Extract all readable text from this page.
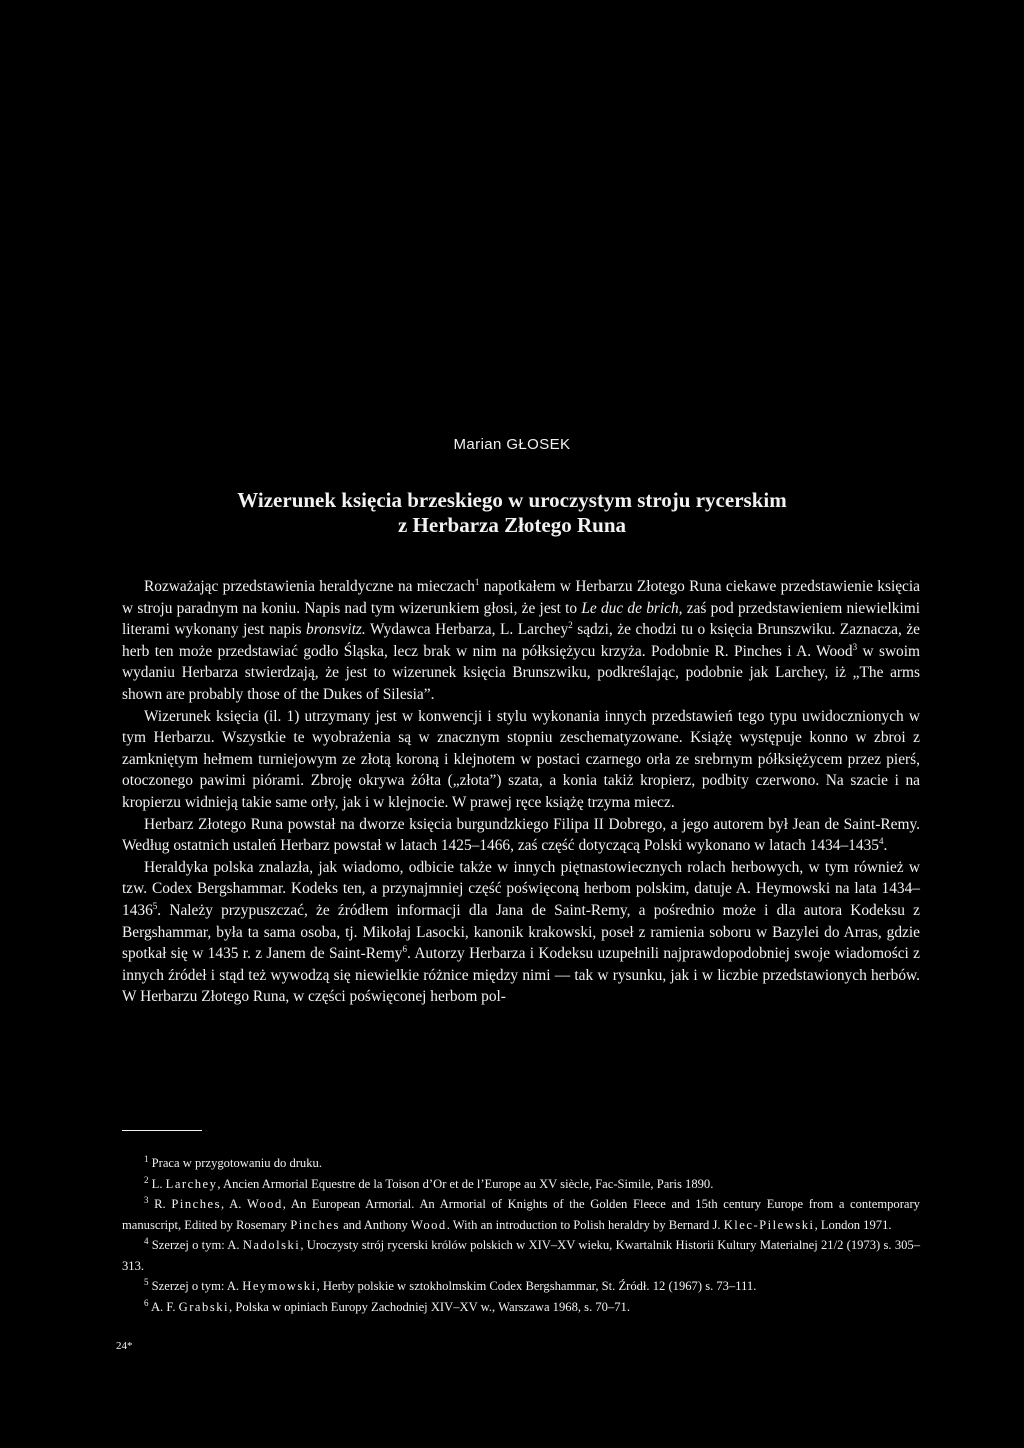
Marian GŁOSEK
Wizerunek księcia brzeskiego w uroczystym stroju rycerskim
z Herbarza Złotego Runa

Rozważając przedstawienia heraldyczne na mieczach$^1$ napotkałem w Herbarzu Złotego Runa ciekawe przedstawienie księcia w stroju paradnym na koniu. Napis nad tym wizerunkiem głosi, że jest to Le duc de brich, zaś pod przedstawieniem niewielkimi literami wykonany jest napis bronsvitz. Wydawca Herbarza, L. Larchey$^2$ sądzi, że chodzi tu o księcia Brunszwiku. Zaznacza, że herb ten może przedstawiać godło Śląska, lecz brak w nim na półksiężycu krzyża. Podobnie R. Pinches i A. Wood$^3$ w swoim wydaniu Herbarza stwierdzają, że jest to wizerunek księcia Brunszwiku, podkreślając, podobnie jak Larchey, iż „The arms shown are probably those of the Dukes of Silesia”.

Wizerunek księcia (il. 1) utrzymany jest w konwencji i stylu wykonania innych przedstawień tego typu uwidocznionych w tym Herbarzu. Wszystkie te wyobrażenia są w znacznym stopniu zeschematyzowane. Książę występuje konno w zbroi z zamkniętym hełmem turniejowym ze złotą koroną i klejnotem w postaci czarnego orła ze srebrnym półksiężycem przez pierś, otoczonego pawimi piórami. Zbroję okrywa żółta („złota”) szata, a konia takiż kropierz, podbity czerwono. Na szacie i na kropierzu widnieją takie same orły, jak i w klejnocie. W prawej ręce książę trzyma miecz.

Herbarz Złotego Runa powstał na dworze księcia burgundzkiego Filipa II Dobrego, a jego autorem był Jean de Saint-Remy. Według ostatnich ustaleń Herbarz powstał w latach 1425–1466, zaś część dotyczącą Polski wykonano w latach 1434–1435$^4$.

Heraldyka polska znalazła, jak wiadomo, odbicie także w innych piętnastowiecznych rolach herbowych, w tym również w tzw. Codex Bergshammar. Kodeks ten, a przynajmniej część poświęconą herbom polskim, datuje A. Heymowski na lata 1434–1436$^5$. Należy przypuszczać, że źródłem informacji dla Jana de Saint-Remy, a pośrednio może i dla autora Kodeksu z Bergshammar, była ta sama osoba, tj. Mikołaj Lasocki, kanonik krakowski, poseł z ramienia soboru w Bazylei do Arras, gdzie spotkał się w 1435 r. z Janem de Saint-Remy$^6$. Autorzy Herbarza i Kodeksu uzupełnili najprawdopodobniej swoje wiadomości z innych źródeł i stąd też wywodzą się niewielkie różnice między nimi — tak w rysunku, jak i w liczbie przedstawionych herbów. W Herbarzu Złotego Runa, w części poświęconej herbom pol-

$^1$ Praca w przygotowaniu do druku.

$^2$ L. Larchey, Ancien Armorial Equestre de la Toison d’Or et de l’Europe au XV siècle, Fac-Simile, Paris 1890.

$^3$ R. Pinches, A. Wood, An European Armorial. An Armorial of Knights of the Golden Fleece and 15th century Europe from a contemporary manuscript, Edited by Rosemary Pinches and Anthony Wood. With an introduction to Polish heraldry by Bernard J. Klec-Pilewski, London 1971.

$^4$ Szerzej o tym: A. Nadolski, Uroczysty strój rycerski królów polskich w XIV–XV wieku, Kwartalnik Historii Kultury Materialnej 21/2 (1973) s. 305–313.

$^5$ Szerzej o tym: A. Heymowski, Herby polskie w sztokholmskim Codex Bergshammar, St. Źródł. 12 (1967) s. 73–111.

$^6$ A. F. Grabski, Polska w opiniach Europy Zachodniej XIV–XV w., Warszawa 1968, s. 70–71.

24*
